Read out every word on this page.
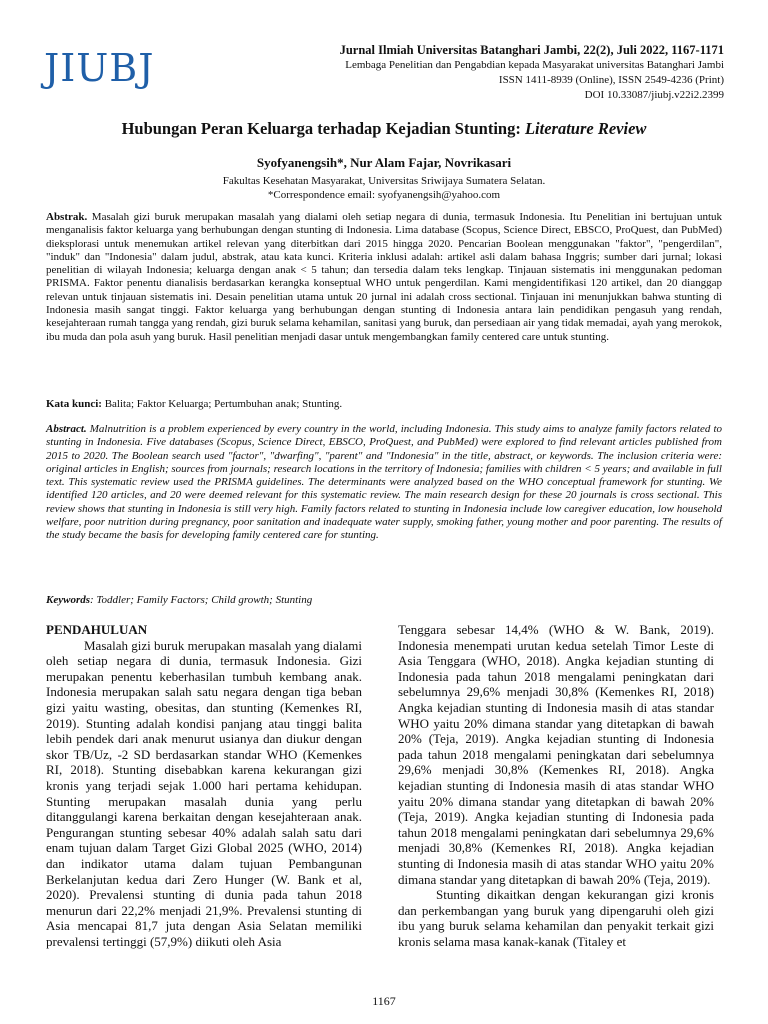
JIUBJ	Jurnal Ilmiah Universitas Batanghari Jambi, 22(2), Juli 2022, 1167-1171
Lembaga Penelitian dan Pengabdian kepada Masyarakat universitas Batanghari Jambi
ISSN 1411-8939 (Online), ISSN 2549-4236 (Print)
DOI 10.33087/jiubj.v22i2.2399
Hubungan Peran Keluarga terhadap Kejadian Stunting: Literature Review
Syofyanengsih*, Nur Alam Fajar, Novrikasari
Fakultas Kesehatan Masyarakat, Universitas Sriwijaya Sumatera Selatan.
*Correspondence email: syofyanengsih@yahoo.com
Abstrak. Masalah gizi buruk merupakan masalah yang dialami oleh setiap negara di dunia, termasuk Indonesia. Itu Penelitian ini bertujuan untuk menganalisis faktor keluarga yang berhubungan dengan stunting di Indonesia. Lima database (Scopus, Science Direct, EBSCO, ProQuest, dan PubMed) dieksplorasi untuk menemukan artikel relevan yang diterbitkan dari 2015 hingga 2020. Pencarian Boolean menggunakan "faktor", "pengerdilan", "induk" dan "Indonesia" dalam judul, abstrak, atau kata kunci. Kriteria inklusi adalah: artikel asli dalam bahasa Inggris; sumber dari jurnal; lokasi penelitian di wilayah Indonesia; keluarga dengan anak < 5 tahun; dan tersedia dalam teks lengkap. Tinjauan sistematis ini menggunakan pedoman PRISMA. Faktor penentu dianalisis berdasarkan kerangka konseptual WHO untuk pengerdilan. Kami mengidentifikasi 120 artikel, dan 20 dianggap relevan untuk tinjauan sistematis ini. Desain penelitian utama untuk 20 jurnal ini adalah cross sectional. Tinjauan ini menunjukkan bahwa stunting di Indonesia masih sangat tinggi. Faktor keluarga yang berhubungan dengan stunting di Indonesia antara lain pendidikan pengasuh yang rendah, kesejahteraan rumah tangga yang rendah, gizi buruk selama kehamilan, sanitasi yang buruk, dan persediaan air yang tidak memadai, ayah yang merokok, ibu muda dan pola asuh yang buruk. Hasil penelitian menjadi dasar untuk mengembangkan family centered care untuk stunting.
Kata kunci: Balita; Faktor Keluarga; Pertumbuhan anak; Stunting.
Abstract. Malnutrition is a problem experienced by every country in the world, including Indonesia. This study aims to analyze family factors related to stunting in Indonesia. Five databases (Scopus, Science Direct, EBSCO, ProQuest, and PubMed) were explored to find relevant articles published from 2015 to 2020. The Boolean search used "factor", "dwarfing", "parent" and "Indonesia" in the title, abstract, or keywords. The inclusion criteria were: original articles in English; sources from journals; research locations in the territory of Indonesia; families with children < 5 years; and available in full text. This systematic review used the PRISMA guidelines. The determinants were analyzed based on the WHO conceptual framework for stunting. We identified 120 articles, and 20 were deemed relevant for this systematic review. The main research design for these 20 journals is cross sectional. This review shows that stunting in Indonesia is still very high. Family factors related to stunting in Indonesia include low caregiver education, low household welfare, poor nutrition during pregnancy, poor sanitation and inadequate water supply, smoking father, young mother and poor parenting. The results of the study became the basis for developing family centered care for stunting.
Keywords: Toddler; Family Factors; Child growth; Stunting

PENDAHULUAN

Masalah gizi buruk merupakan masalah yang dialami oleh setiap negara di dunia, termasuk Indonesia. Gizi merupakan penentu keberhasilan tumbuh kembang anak. Indonesia merupakan salah satu negara dengan tiga beban gizi yaitu wasting, obesitas, dan stunting (Kemenkes RI, 2019). Stunting adalah kondisi panjang atau tinggi balita lebih pendek dari anak menurut usianya dan diukur dengan skor TB/Uz, -2 SD berdasarkan standar WHO (Kemenkes RI, 2018). Stunting disebabkan karena kekurangan gizi kronis yang terjadi sejak 1.000 hari pertama kehidupan. Stunting merupakan masalah dunia yang perlu ditanggulangi karena berkaitan dengan kesejahteraan anak. Pengurangan stunting sebesar 40% adalah salah satu dari enam tujuan dalam Target Gizi Global 2025 (WHO, 2014) dan indikator utama dalam tujuan Pembangunan Berkelanjutan kedua dari Zero Hunger (W. Bank et al, 2020). Prevalensi stunting di dunia pada tahun 2018 menurun dari 22,2% menjadi 21,9%. Prevalensi stunting di Asia mencapai 81,7 juta dengan Asia Selatan memiliki prevalensi tertinggi (57,9%) diikuti oleh Asia

Tenggara sebesar 14,4% (WHO & W. Bank, 2019). Indonesia menempati urutan kedua setelah Timor Leste di Asia Tenggara (WHO, 2018). Angka kejadian stunting di Indonesia pada tahun 2018 mengalami peningkatan dari sebelumnya 29,6% menjadi 30,8% (Kemenkes RI, 2018) Angka kejadian stunting di Indonesia masih di atas standar WHO yaitu 20% dimana standar yang ditetapkan di bawah 20% (Teja, 2019). Angka kejadian stunting di Indonesia pada tahun 2018 mengalami peningkatan dari sebelumnya 29,6% menjadi 30,8% (Kemenkes RI, 2018). Angka kejadian stunting di Indonesia masih di atas standar WHO yaitu 20% dimana standar yang ditetapkan di bawah 20% (Teja, 2019). Angka kejadian stunting di Indonesia pada tahun 2018 mengalami peningkatan dari sebelumnya 29,6% menjadi 30,8% (Kemenkes RI, 2018). Angka kejadian stunting di Indonesia masih di atas standar WHO yaitu 20% dimana standar yang ditetapkan di bawah 20% (Teja, 2019).

Stunting dikaitkan dengan kekurangan gizi kronis dan perkembangan yang buruk yang dipengaruhi oleh gizi ibu yang buruk selama kehamilan dan penyakit terkait gizi kronis selama masa kanak-kanak (Titaley et

1167
